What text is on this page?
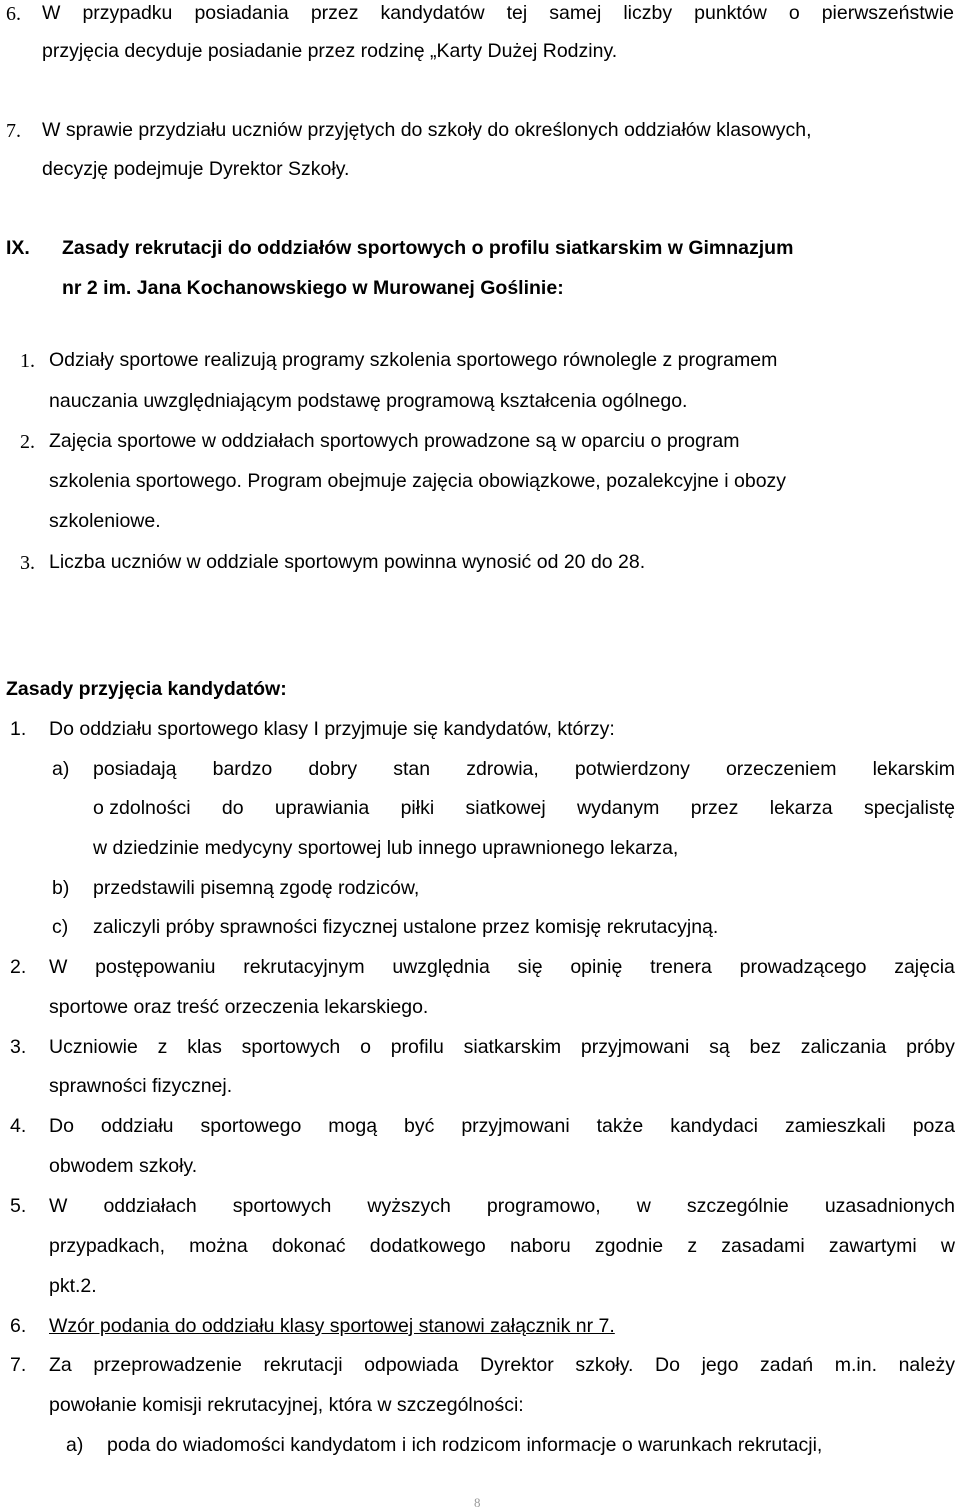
6. W przypadku posiadania przez kandydatów tej samej liczby punktów o pierwszeństwie
przyjęcia decyduje posiadanie przez rodzinę „Karty Dużej Rodziny.
7. W sprawie przydziału uczniów przyjętych do szkoły do określonych oddziałów klasowych,
decyzję podejmuje Dyrektor Szkoły.
IX. Zasady rekrutacji do oddziałów sportowych o profilu siatkarskim w Gimnazjum
nr 2 im. Jana Kochanowskiego w Murowanej Goślinie:
1. Odziały sportowe realizują programy szkolenia sportowego równolegle z programem
nauczania uwzględniającym podstawę programową kształcenia ogólnego.
2. Zajęcia sportowe w oddziałach sportowych prowadzone są w oparciu o program
szkolenia sportowego. Program obejmuje zajęcia obowiązkowe, pozalekcyjne i obozy
szkoleniowe.
3. Liczba uczniów w oddziale sportowym powinna wynosić od 20 do 28.
Zasady przyjęcia kandydatów:
1. Do oddziału sportowego klasy I przyjmuje się kandydatów, którzy:
a) posiadają bardzo dobry stan zdrowia, potwierdzony orzeczeniem lekarskim
o zdolności do uprawiania piłki siatkowej wydanym przez lekarza specjalistę
w dziedzinie medycyny sportowej lub innego uprawnionego lekarza,
b) przedstawili pisemną zgodę rodziców,
c) zaliczyli próby sprawności fizycznej ustalone przez komisję rekrutacyjną.
2. W postępowaniu rekrutacyjnym uwzględnia się opinię trenera prowadzącego zajęcia
sportowe oraz treść orzeczenia lekarskiego.
3. Uczniowie z klas sportowych o profilu siatkarskim przyjmowani są bez zaliczania próby
sprawności fizycznej.
4. Do oddziału sportowego mogą być przyjmowani także kandydaci zamieszkali poza
obwodem szkoły.
5. W oddziałach sportowych wyższych programowo, w szczególnie uzasadnionych
przypadkach, można dokonać dodatkowego naboru zgodnie z zasadami zawartymi w
pkt.2.
6. Wzór podania do oddziału klasy sportowej stanowi załącznik nr 7.
7. Za przeprowadzenie rekrutacji odpowiada Dyrektor szkoły. Do jego zadań m.in. należy
powołanie komisji rekrutacyjnej, która w szczególności:
a) poda do wiadomości kandydatom i ich rodzicom informacje o warunkach rekrutacji,
8
